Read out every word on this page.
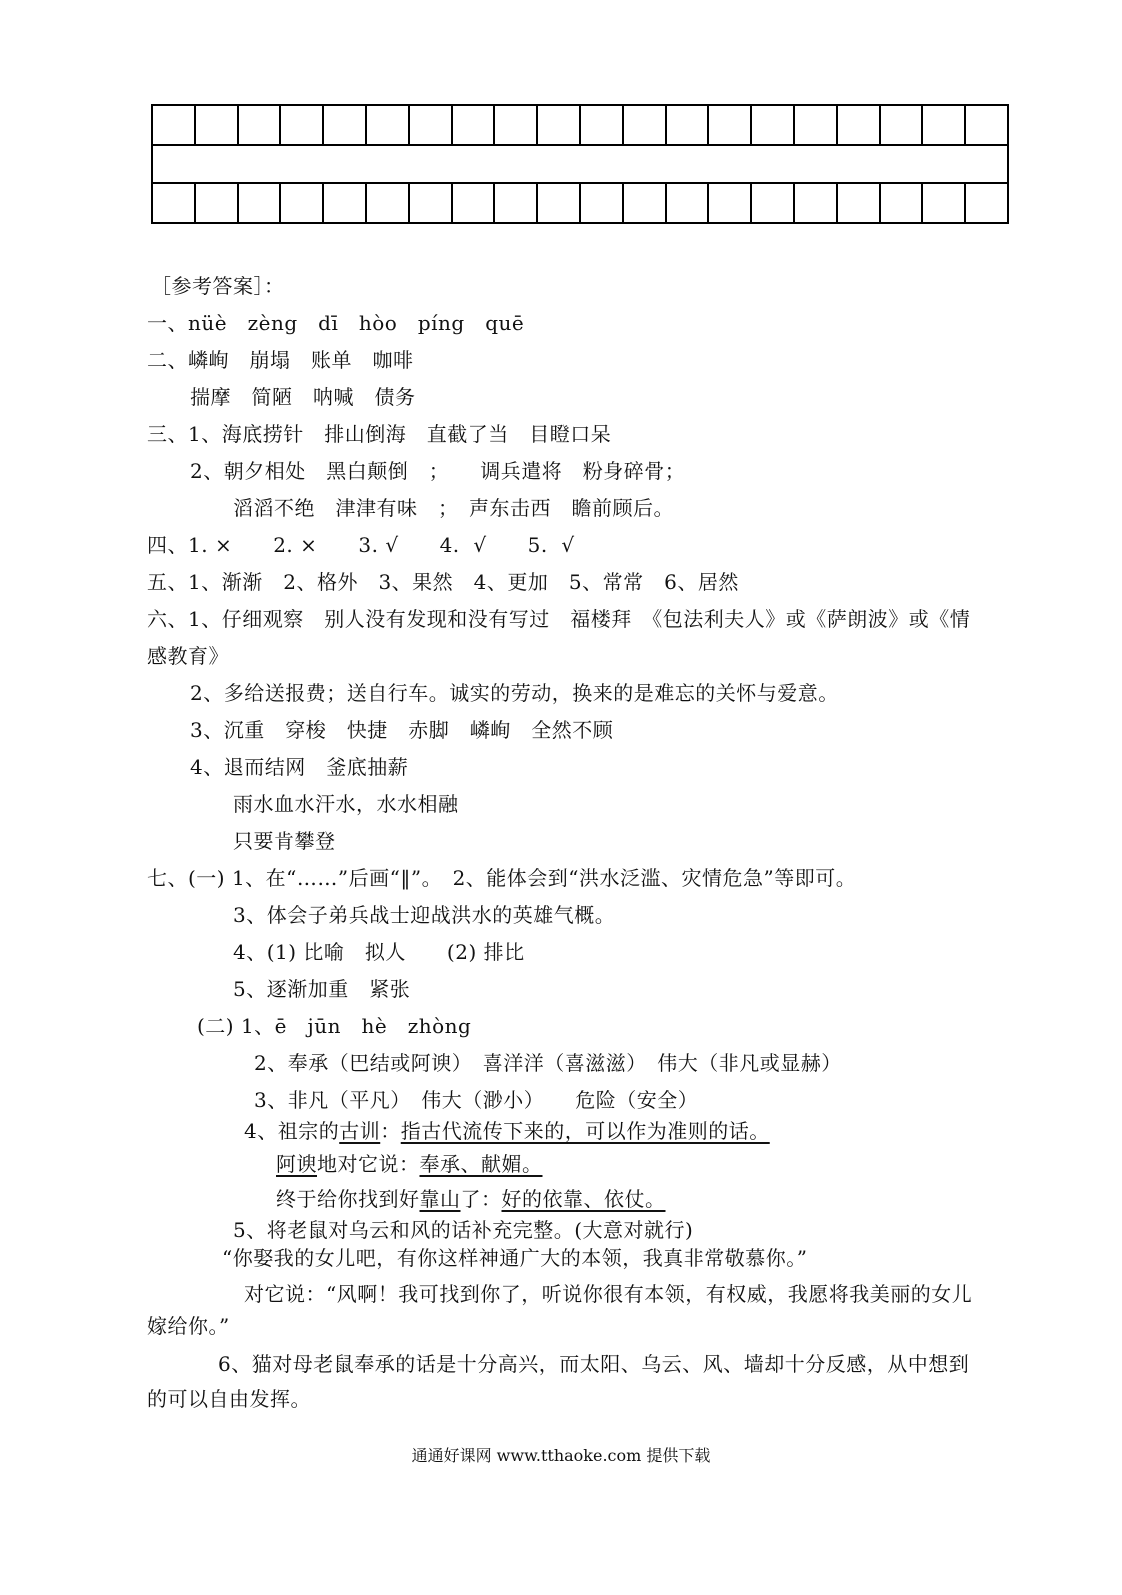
［参考答案］：
一、nüè　zèng　dī　hòo　píng　quē
二、嶙峋　崩塌　账单　咖啡
揣摩　简陋　呐喊　债务
三、1、海底捞针　排山倒海　直截了当　目瞪口呆
2、朝夕相处　黑白颠倒　；　　调兵遣将　粉身碎骨；
滔滔不绝　津津有味　；　声东击西　瞻前顾后。
四、1. ×　　2. ×　　3. √　　4.  √　　5.  √
五、1、渐渐　2、格外　3、果然　4、更加　5、常常　6、居然
六、1、仔细观察　别人没有发现和没有写过　福楼拜　《包法利夫人》或《萨朗波》或《情
感教育》
2、多给送报费；送自行车。诚实的劳动，换来的是难忘的关怀与爱意。
3、沉重　穿梭　快捷　赤脚　嶙峋　全然不顾
4、退而结网　釜底抽薪
雨水血水汗水，水水相融
只要肯攀登
七、(一) 1、在“……”后画“‖”。　2、能体会到“洪水泛滥、灾情危急”等即可。
3、体会子弟兵战士迎战洪水的英雄气概。
4、(1) 比喻　拟人　　(2) 排比
5、逐渐加重　紧张
(二) 1、ē　jūn　hè　zhòng
2、奉承（巴结或阿谀）　喜洋洋（喜滋滋）　伟大（非凡或显赫）
3、非凡（平凡）　伟大（渺小）　　危险（安全）
4、祖宗的古训：指古代流传下来的，可以作为准则的话。
阿谀地对它说：奉承、献媚。
终于给你找到好靠山了：好的依靠、依仗。
5、将老鼠对乌云和风的话补充完整。(大意对就行)
“你娶我的女儿吧，有你这样神通广大的本领，我真非常敬慕你。”
对它说：“风啊！我可找到你了，听说你很有本领，有权威，我愿将我美丽的女儿
嫁给你。”
6、猫对母老鼠奉承的话是十分高兴，而太阳、乌云、风、墙却十分反感，从中想到
的可以自由发挥。
通通好课网 www.tthaoke.com 提供下载
